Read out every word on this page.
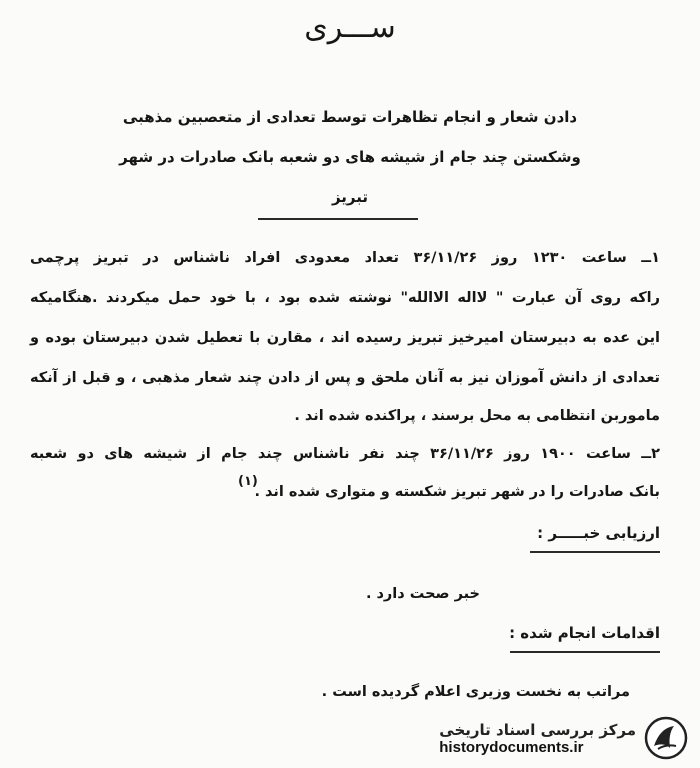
ســـری
دادن شعار و انجام تظاهرات توسط تعدادی از متعصبین مذهبی
وشکستن چند جام از شیشه های دو شعبه بانک صادرات در شهر
تبریز
۱ــ ساعت ۱۲۳۰ روز ۳۶/۱۱/۲۶ تعداد معدودی افراد ناشناس در تبریز پرچمی
راکه روی آن عبارت " لااله الاالله" نوشته شده بود ، با خود حمل میکردند .هنگامیکه
این عده به دبیرستان امیرخیز تبریز رسیده اند ، مقارن با تعطیل شدن دبیرستان بوده و
تعدادی از دانش آموزان نیز به آنان ملحق و پس از دادن چند شعار مذهبی ، و قبل از آنکه
ماموربن انتظامی به محل برسند ، پراکنده شده اند .
۲ــ ساعت ۱۹۰۰ روز ۳۶/۱۱/۲۶ چند نفر ناشناس چند جام از شیشه های دو شعبه
بانک صادرات را در شهر تبریز شکسته و متواری شده اند .
(۱)
ارزیابی خبـــــر :
خبر صحت دارد .
اقدامات انجام شده :
مراتب به نخست وزیری اعلام گردیده است .
مرکز بررسی اسناد تاریخی
historydocuments.ir
